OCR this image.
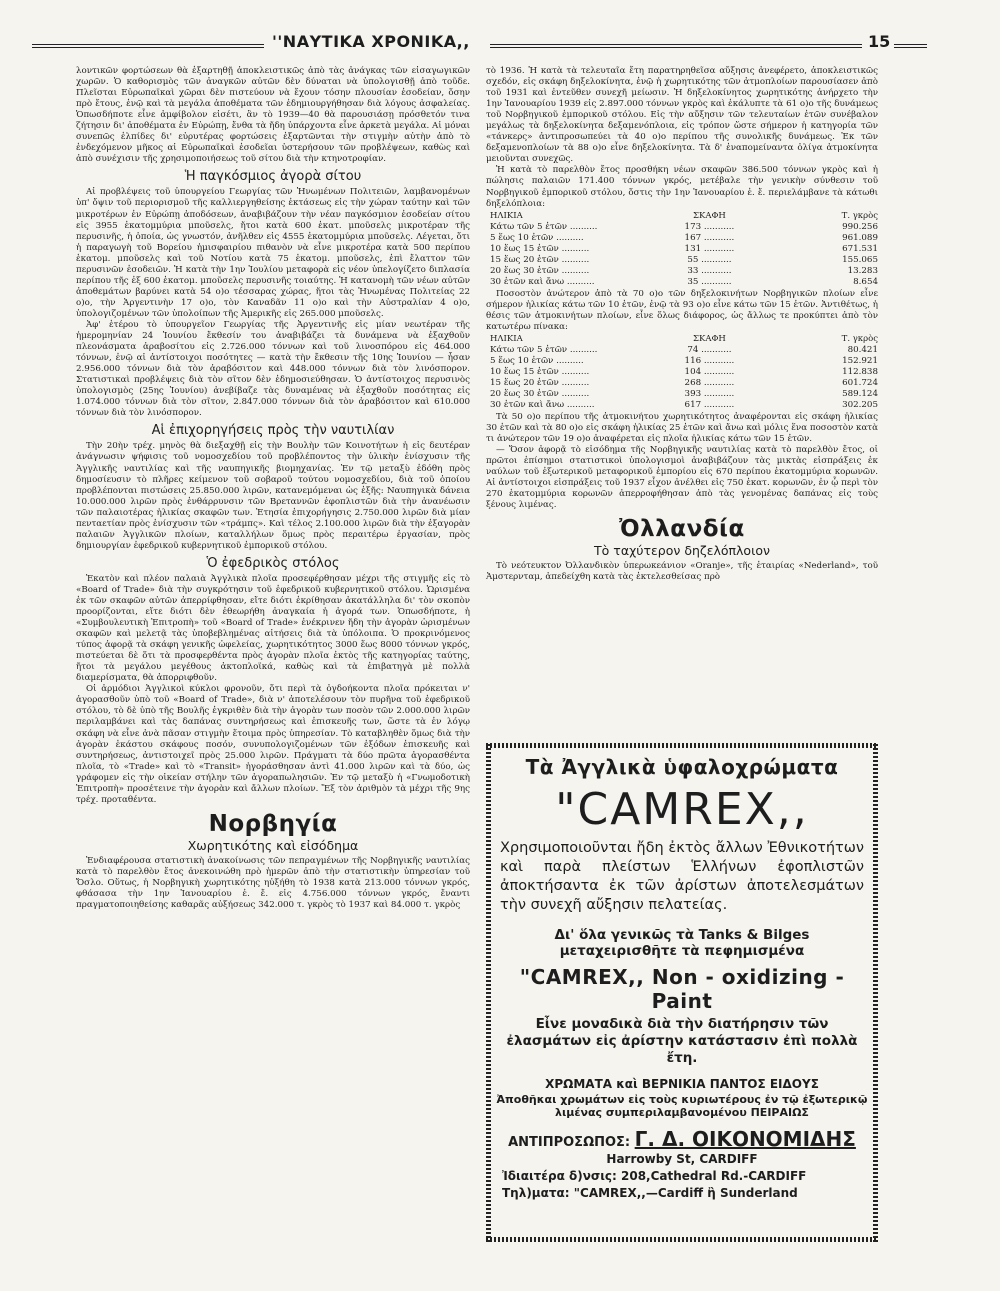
''ΝΑΥΤΙΚΑ ΧΡΟΝΙΚΑ,,	15

λοντικῶν φορτώσεων θὰ ἐξαρτηθῇ ἀποκλειστικῶς ἀπὸ τὰς ἀνάγκας τῶν εἰσαγωγικῶν χωρῶν. Ὁ καθορισμὸς τῶν ἀναγκῶν αὐτῶν δὲν δύναται νὰ ὑπολογισθῇ ἀπὸ τοῦδε. Πλεῖσται Εὐρωπαϊκαὶ χῶραι δὲν πιστεύουν νὰ ἔχουν τόσην πλουσίαν ἐσοδείαν, ὅσην πρὸ ἔτους, ἐνῷ καὶ τὰ μεγάλα ἀποθέματα τῶν ἐδημιουργήθησαν διὰ λόγους ἀσφαλείας. Ὁπωσδήποτε εἶνε ἀμφίβολον εἰσέτι, ἂν τὸ 1939—40 θὰ παρουσιάσῃ πρόσθετόν τινα ζήτησιν δι' ἀποθέματα ἐν Εὐρώπῃ, ἔνθα τὰ ἤδη ὑπάρχοντα εἶνε ἀρκετὰ μεγάλα. Αἱ μόναι συνεπῶς ἐλπίδες δι' εὐρυτέρας φορτώσεις ἐξαρτῶνται τὴν στιγμὴν αὐτὴν ἀπὸ τὸ ἐνδεχόμενον μῆκος αἱ Εὐρωπαϊκαὶ ἐσοδεῖαι ὑστερήσουν τῶν προβλέψεων, καθὼς καὶ ἀπὸ συνέχισιν τῆς χρησιμοποιήσεως τοῦ σίτου διὰ τὴν κτηνοτροφίαν.

Ἡ παγκόσμιος ἀγορὰ σίτου

Αἱ προβλέψεις τοῦ ὑπουργείου Γεωργίας τῶν Ἡνωμένων Πολιτειῶν, λαμβανομένων ὑπ' ὄψιν τοῦ περιορισμοῦ τῆς καλλιεργηθείσης ἐκτάσεως εἰς τὴν χώραν ταύτην καὶ τῶν μικροτέρων ἐν Εὐρώπῃ ἀποδόσεων, ἀναβιβάζουν τὴν νέαν παγκόσμιον ἐσοδείαν σίτου εἰς 3955 ἑκατομμύρια μποῦσελς, ἤτοι κατὰ 600 ἑκατ. μποῦσελς μικροτέραν τῆς περυσινῆς, ἡ ὁποία, ὡς γνωστόν, ἀνῆλθεν εἰς 4555 ἑκατομμύρια μποῦσελς. Λέγεται, ὅτι ἡ παραγωγὴ τοῦ Βορείου ἡμισφαιρίου πιθανὸν νὰ εἶνε μικροτέρα κατὰ 500 περίπου ἑκατομ. μποῦσελς καὶ τοῦ Νοτίου κατὰ 75 ἑκατομ. μποῦσελς, ἐπὶ ἔλαττον τῶν περυσινῶν ἐσοδειῶν. Ἡ κατὰ τὴν 1ην Ἰουλίου μεταφορὰ εἰς νέον ὑπελογίζετο διπλασία περίπου τῆς ἐξ 600 ἑκατομ. μποῦσελς περυσινῆς τοιαύτης. Ἡ κατανομὴ τῶν νέων αὐτῶν ἀποθεμάτων βαρύνει κατὰ 54 ο)ο τέσσαρας χώρας, ἤτοι τὰς Ἡνωμένας Πολιτείας 22 ο)ο, τὴν Ἀργεντινὴν 17 ο)ο, τὸν Καναδᾶν 11 ο)ο καὶ τὴν Αὐστραλίαν 4 ο)ο, ὑπολογιζομένων τῶν ὑπολοίπων τῆς Ἀμερικῆς εἰς 265.000 μποῦσελς.

Ἀφ' ἑτέρου τὸ ὑπουργεῖον Γεωργίας τῆς Ἀργεντινῆς εἰς μίαν νεωτέραν τῆς ἡμερομηνίαν 24 Ἰουνίου ἔκθεσίν του ἀναβιβάζει τὰ δυνάμενα νὰ ἐξαχθοῦν πλεονάσματα ἀραβοσίτου εἰς 2.726.000 τόννων καὶ τοῦ λινοσπόρου εἰς 464.000 τόννων, ἐνῷ αἱ ἀντίστοιχοι ποσότητες — κατὰ τὴν ἔκθεσιν τῆς 10ης Ἰουνίου — ἦσαν 2.956.000 τόννων διὰ τὸν ἀραβόσιτον καὶ 448.000 τόννων διὰ τὸν λινόσπορον. Στατιστικαὶ προβλέψεις διὰ τὸν σῖτον δὲν ἐδημοσιεύθησαν. Ὁ ἀντίστοιχος περυσινὸς ὑπολογισμὸς (25ης Ἰουνίου) ἀνεβίβαζε τὰς δυναμένας νὰ ἐξαχθοῦν ποσότητας εἰς 1.074.000 τόννων διὰ τὸν σῖτον, 2.847.000 τόννων διὰ τὸν ἀραβόσιτον καὶ 610.000 τόννων διὰ τὸν λινόσπορον.

Αἱ ἐπιχορηγήσεις πρὸς τὴν ναυτιλίαν

Τὴν 20ὴν τρέχ. μηνὸς θὰ διεξαχθῇ εἰς τὴν Βουλὴν τῶν Κοινοτήτων ἡ εἰς δευτέραν ἀνάγνωσιν ψήφισις τοῦ νομοσχεδίου τοῦ προβλέποντος τὴν ὑλικὴν ἐνίσχυσιν τῆς Ἀγγλικῆς ναυτιλίας καὶ τῆς ναυπηγικῆς βιομηχανίας. Ἐν τῷ μεταξὺ ἐδόθη πρὸς δημοσίευσιν τὸ πλῆρες κείμενον τοῦ σοβαροῦ τούτου νομοσχεδίου, διὰ τοῦ ὁποίου προβλέπονται πιστώσεις 25.850.000 λιρῶν, κατανεμόμεναι ὡς ἑξῆς: Ναυπηγικὰ δάνεια 10.000.000 λιρῶν πρὸς ἐνθάρρυνσιν τῶν Βρεταννῶν ἐφοπλιστῶν διὰ τὴν ἀνανέωσιν τῶν παλαιοτέρας ἡλικίας σκαφῶν των. Ἐτησία ἐπιχορήγησις 2.750.000 λιρῶν διὰ μίαν πενταετίαν πρὸς ἐνίσχυσιν τῶν «τράμπς». Καὶ τέλος 2.100.000 λιρῶν διὰ τὴν ἐξαγορὰν παλαιῶν Ἀγγλικῶν πλοίων, καταλλήλων ὅμως πρὸς περαιτέρω ἐργασίαν, πρὸς δημιουργίαν ἐφεδρικοῦ κυβερνητικοῦ ἐμπορικοῦ στόλου.

Ὁ ἐφεδρικὸς στόλος

Ἑκατὸν καὶ πλέον παλαιὰ Ἀγγλικὰ πλοῖα προσεφέρθησαν μέχρι τῆς στιγμῆς εἰς τὸ «Board of Trade» διὰ τὴν συγκρότησιν τοῦ ἐφεδρικοῦ κυβερνητικοῦ στόλου. Ὡρισμένα ἐκ τῶν σκαφῶν αὐτῶν ἀπερρίφθησαν, εἴτε διότι ἐκρίθησαν ἀκατάλληλα δι' τὸν σκοπὸν προορίζονται, εἴτε διότι δὲν ἐθεωρήθη ἀναγκαία ἡ ἀγορά των. Ὁπωσδήποτε, ἡ «Συμβουλευτικὴ Ἐπιτροπὴ» τοῦ «Board of Trade» ἐνέκρινεν ἤδη τὴν ἀγορὰν ὡρισμένων σκαφῶν καὶ μελετᾷ τὰς ὑποβεβλημένας αἰτήσεις διὰ τὰ ὑπόλοιπα. Ὁ προκρινόμενος τύπος ἀφορᾷ τὰ σκάφη γενικῆς ὠφελείας, χωρητικότητος 3000 ἕως 8000 τόννων γκρός, πιστεύεται δὲ ὅτι τὰ προσφερθέντα πρὸς ἀγορὰν πλοῖα ἐκτὸς τῆς κατηγορίας ταύτης, ἤτοι τὰ μεγάλου μεγέθους ἀκτοπλοϊκά, καθὼς καὶ τὰ ἐπιβατηγὰ μὲ πολλὰ διαμερίσματα, θὰ ἀπορριφθοῦν.

Οἱ ἁρμόδιοι Ἀγγλικοὶ κύκλοι φρονοῦν, ὅτι περὶ τὰ ὀγδοήκοντα πλοῖα πρόκειται ν' ἀγορασθοῦν ὑπὸ τοῦ «Board of Trade», διὰ ν' ἀποτελέσουν τὸν πυρῆνα τοῦ ἐφεδρικοῦ στόλου, τὸ δὲ ὑπὸ τῆς Βουλῆς ἐγκριθὲν διὰ τὴν ἀγορὰν των ποσὸν τῶν 2.000.000 λιρῶν περιλαμβάνει καὶ τὰς δαπάνας συντηρήσεως καὶ ἐπισκευῆς των, ὥστε τὰ ἐν λόγῳ σκάφη νὰ εἶνε ἀνὰ πᾶσαν στιγμὴν ἕτοιμα πρὸς ὑπηρεσίαν. Τὸ καταβληθὲν ὅμως διὰ τὴν ἀγορὰν ἑκάστου σκάφους ποσόν, συνυπολογιζομένων τῶν ἐξόδων ἐπισκευῆς καὶ συντηρήσεως, ἀντιστοιχεῖ πρὸς 25.000 λιρῶν. Πράγματι τὰ δύο πρῶτα ἀγορασθέντα πλοῖα, τὸ «Trade» καὶ τὸ «Transit» ἠγοράσθησαν ἀντὶ 41.000 λιρῶν καὶ τὰ δύο, ὡς γράφομεν εἰς τὴν οἰκείαν στήλην τῶν ἀγοραπωλησιῶν. Ἐν τῷ μεταξὺ ἡ «Γνωμοδοτικὴ Ἐπιτροπὴ» προσέτεινε τὴν ἀγορὰν καὶ ἄλλων πλοίων. Ἔξ τὸν ἀριθμὸν τὰ μέχρι τῆς 9ης τρέχ. προταθέντα.

Νορβηγία
Χωρητικότης καὶ εἰσόδημα

Ἐνδιαφέρουσα στατιστικὴ ἀνακοίνωσις τῶν πεπραγμένων τῆς Νορβηγικῆς ναυτιλίας κατὰ τὸ παρελθὸν ἔτος ἀνεκοινώθη πρὸ ἡμερῶν ἀπὸ τὴν στατιστικὴν ὑπηρεσίαν τοῦ Ὄσλο. Οὕτως, ἡ Νορβηγικὴ χωρητικότης ηὐξήθη τὸ 1938 κατὰ 213.000 τόννων γκρός, φθάσασα τὴν 1ην Ἰανουαρίου ἐ. ἔ. εἰς 4.756.000 τόννων γκρός, ἔναντι πραγματοποιηθείσης καθαρᾶς αὐξήσεως 342.000 τ. γκρὸς τὸ 1937 καὶ 84.000 τ. γκρὸς

τὸ 1936. Ἡ κατὰ τὰ τελευταῖα ἔτη παρατηρηθεῖσα αὔξησις ἀνεφέρετο, ἀποκλειστικῶς σχεδόν, εἰς σκάφη δηξελοκίνητα, ἐνῷ ἡ χωρητικότης τῶν ἀτμοπλοίων παρουσίασεν ἀπὸ τοῦ 1931 καὶ ἐντεῦθεν συνεχῆ μείωσιν. Ἡ δηξελοκίνητος χωρητικότης ἀνήρχετο τὴν 1ην Ἰανουαρίου 1939 εἰς 2.897.000 τόννων γκρὸς καὶ ἐκάλυπτε τὰ 61 ο)ο τῆς δυνάμεως τοῦ Νορβηγικοῦ ἐμπορικοῦ στόλου. Εἰς τὴν αὔξησιν τῶν τελευταίων ἐτῶν συνέβαλον μεγάλως τὰ δηξελοκίνητα δεξαμενόπλοια, εἰς τρόπον ὥστε σήμερον ἡ κατηγορία τῶν «τάνκερς» ἀντιπροσωπεύει τὰ 40 ο)ο περίπου τῆς συνολικῆς δυνάμεως. Ἐκ τῶν δεξαμενοπλοίων τὰ 88 ο)ο εἶνε δηξελοκίνητα. Τὰ δ' ἐναπομείναντα ὀλίγα ἀτμοκίνητα μειοῦνται συνεχῶς.

Ἡ κατὰ τὸ παρελθὸν ἔτος προσθήκη νέων σκαφῶν 386.500 τόννων γκρὸς καὶ ἡ πώλησις παλαιῶν 171.400 τόννων γκρός, μετέβαλε τὴν γενικὴν σύνθεσιν τοῦ Νορβηγικοῦ ἐμπορικοῦ στόλου, ὅστις τὴν 1ην Ἰανουαρίου ἐ. ἔ. περιελάμβανε τὰ κάτωθι δηξελόπλοια:

ΗΛΙΚΙΑ	ΣΚΑΦΗ	Τ. γκρὸς
Κάτω τῶν 5 ἐτῶν ..........	173 ...........	990.256
5 ἕως 10 ἐτῶν ..........	167 ...........	961.089
10 ἕως 15 ἐτῶν ..........	131 ...........	671.531
15 ἕως 20 ἐτῶν ..........	55 ...........	155.065
20 ἕως 30 ἐτῶν ..........	33 ...........	13.283
30 ἐτῶν καὶ ἄνω ..........	35 ...........	8.654

Ποσοστὸν ἀνώτερον ἀπὸ τὰ 70 ο)ο τῶν δηξελοκινήτων Νορβηγικῶν πλοίων εἶνε σήμερον ἡλικίας κάτω τῶν 10 ἐτῶν, ἐνῷ τὰ 93 ο)ο εἶνε κάτω τῶν 15 ἐτῶν. Ἀντιθέτως, ἡ θέσις τῶν ἀτμοκινήτων πλοίων, εἶνε ὅλως διάφορος, ὡς ἄλλως τε προκύπτει ἀπὸ τὸν κατωτέρω πίνακα:

ΗΛΙΚΙΑ	ΣΚΑΦΗ	Τ. γκρὸς
Κάτω τῶν 5 ἐτῶν ..........	74 ...........	80.421
5 ἕως 10 ἐτῶν ..........	116 ...........	152.921
10 ἕως 15 ἐτῶν ..........	104 ...........	112.838
15 ἕως 20 ἐτῶν ..........	268 ...........	601.724
20 ἕως 30 ἐτῶν ..........	393 ...........	589.124
30 ἐτῶν καὶ ἄνω ..........	617 ...........	302.205

Τὰ 50 ο)ο περίπου τῆς ἀτμοκινήτου χωρητικότητος ἀναφέρονται εἰς σκάφη ἡλικίας 30 ἐτῶν καὶ τὰ 80 ο)ο εἰς σκάφη ἡλικίας 25 ἐτῶν καὶ ἄνω καὶ μόλις ἕνα ποσοστὸν κατὰ τι ἀνώτερον τῶν 19 ο)ο ἀναφέρεται εἰς πλοῖα ἡλικίας κάτω τῶν 15 ἐτῶν.

— Ὅσον ἀφορᾷ τὸ εἰσόδημα τῆς Νορβηγικῆς ναυτιλίας κατὰ τὸ παρελθὸν ἔτος, οἱ πρῶτοι ἐπίσημοι στατιστικοὶ ὑπολογισμοὶ ἀναβιβάζουν τὰς μικτὰς εἰσπράξεις ἐκ ναύλων τοῦ ἐξωτερικοῦ μεταφορικοῦ ἐμπορίου εἰς 670 περίπου ἑκατομμύρια κορωνῶν. Αἱ ἀντίστοιχοι εἰσπράξεις τοῦ 1937 εἶχον ἀνέλθει εἰς 750 ἑκατ. κορωνῶν, ἐν ᾧ περὶ τὸν 270 ἑκατομμύρια κορωνῶν ἀπερροφήθησαν ἀπὸ τὰς γενομένας δαπάνας εἰς τοὺς ξένους λιμένας.

Ὀλλανδία
Τὸ ταχύτερον δηζελόπλοιον

Τὸ νεότευκτον Ὀλλανδικὸν ὑπερωκεάνιον «Oranje», τῆς ἑταιρίας «Nederland», τοῦ Ἀμστερνταμ, ἀπεδείχθη κατὰ τὰς ἐκτελεσθείσας πρὸ

Τὰ Ἀγγλικὰ ὑφαλοχρώματα
"CAMREX,,
Χρησιμοποιοῦνται ἤδη ἐκτὸς ἄλλων Ἐθνικοτήτων καὶ παρὰ πλείστων Ἑλλήνων ἐφοπλιστῶν ἀποκτήσαντα ἐκ τῶν ἀρίστων ἀποτελεσμάτων τὴν συνεχῆ αὔξησιν πελατείας.
Δι' ὅλα γενικῶς τὰ Tanks & Bilges
μεταχειρισθῆτε τὰ πεφημισμένα
"CAMREX,, Non - oxidizing - Paint
Εἶνε μοναδικὰ διὰ τὴν διατήρησιν τῶν ἐλασμάτων εἰς ἀρίστην κατάστασιν ἐπὶ πολλὰ ἔτη.
ΧΡΩΜΑΤΑ καὶ ΒΕΡΝΙΚΙΑ ΠΑΝΤΟΣ ΕΙΔΟΥΣ
Ἀποθῆκαι χρωμάτων εἰς τοὺς κυριωτέρους ἐν τῷ ἐξωτερικῷ λιμένας συμπεριλαμβανομένου ΠΕΙΡΑΙΩΣ
ΑΝΤΙΠΡΟΣΩΠΟΣ: Γ. Δ. ΟΙΚΟΝΟΜΙΔΗΣ
Harrowby St, CARDIFF
Ἰδιαιτέρα δ)νσις: 208,Cathedral Rd.-CARDIFF
Τηλ)ματα: "CAMREX,,—Cardiff ἢ Sunderland
